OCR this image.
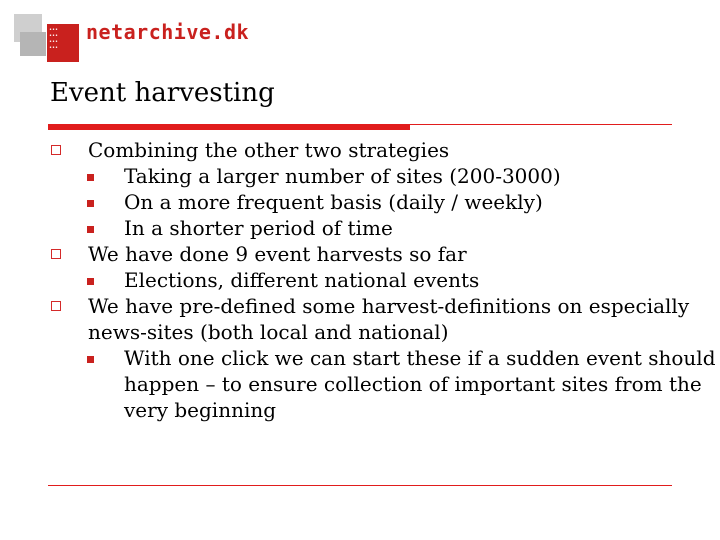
•••
•••
•••
•••
netarchive.dk
Event harvesting
Combining the other two strategies
Taking a larger number of sites (200-3000)
On a more frequent basis (daily / weekly)
In a shorter period of time
We have done 9 event harvests so far
Elections, different national events
We have pre-defined some harvest-definitions on especially news-sites (both local and national)
With one click we can start these if a sudden event should happen – to ensure collection of important sites from the very beginning
